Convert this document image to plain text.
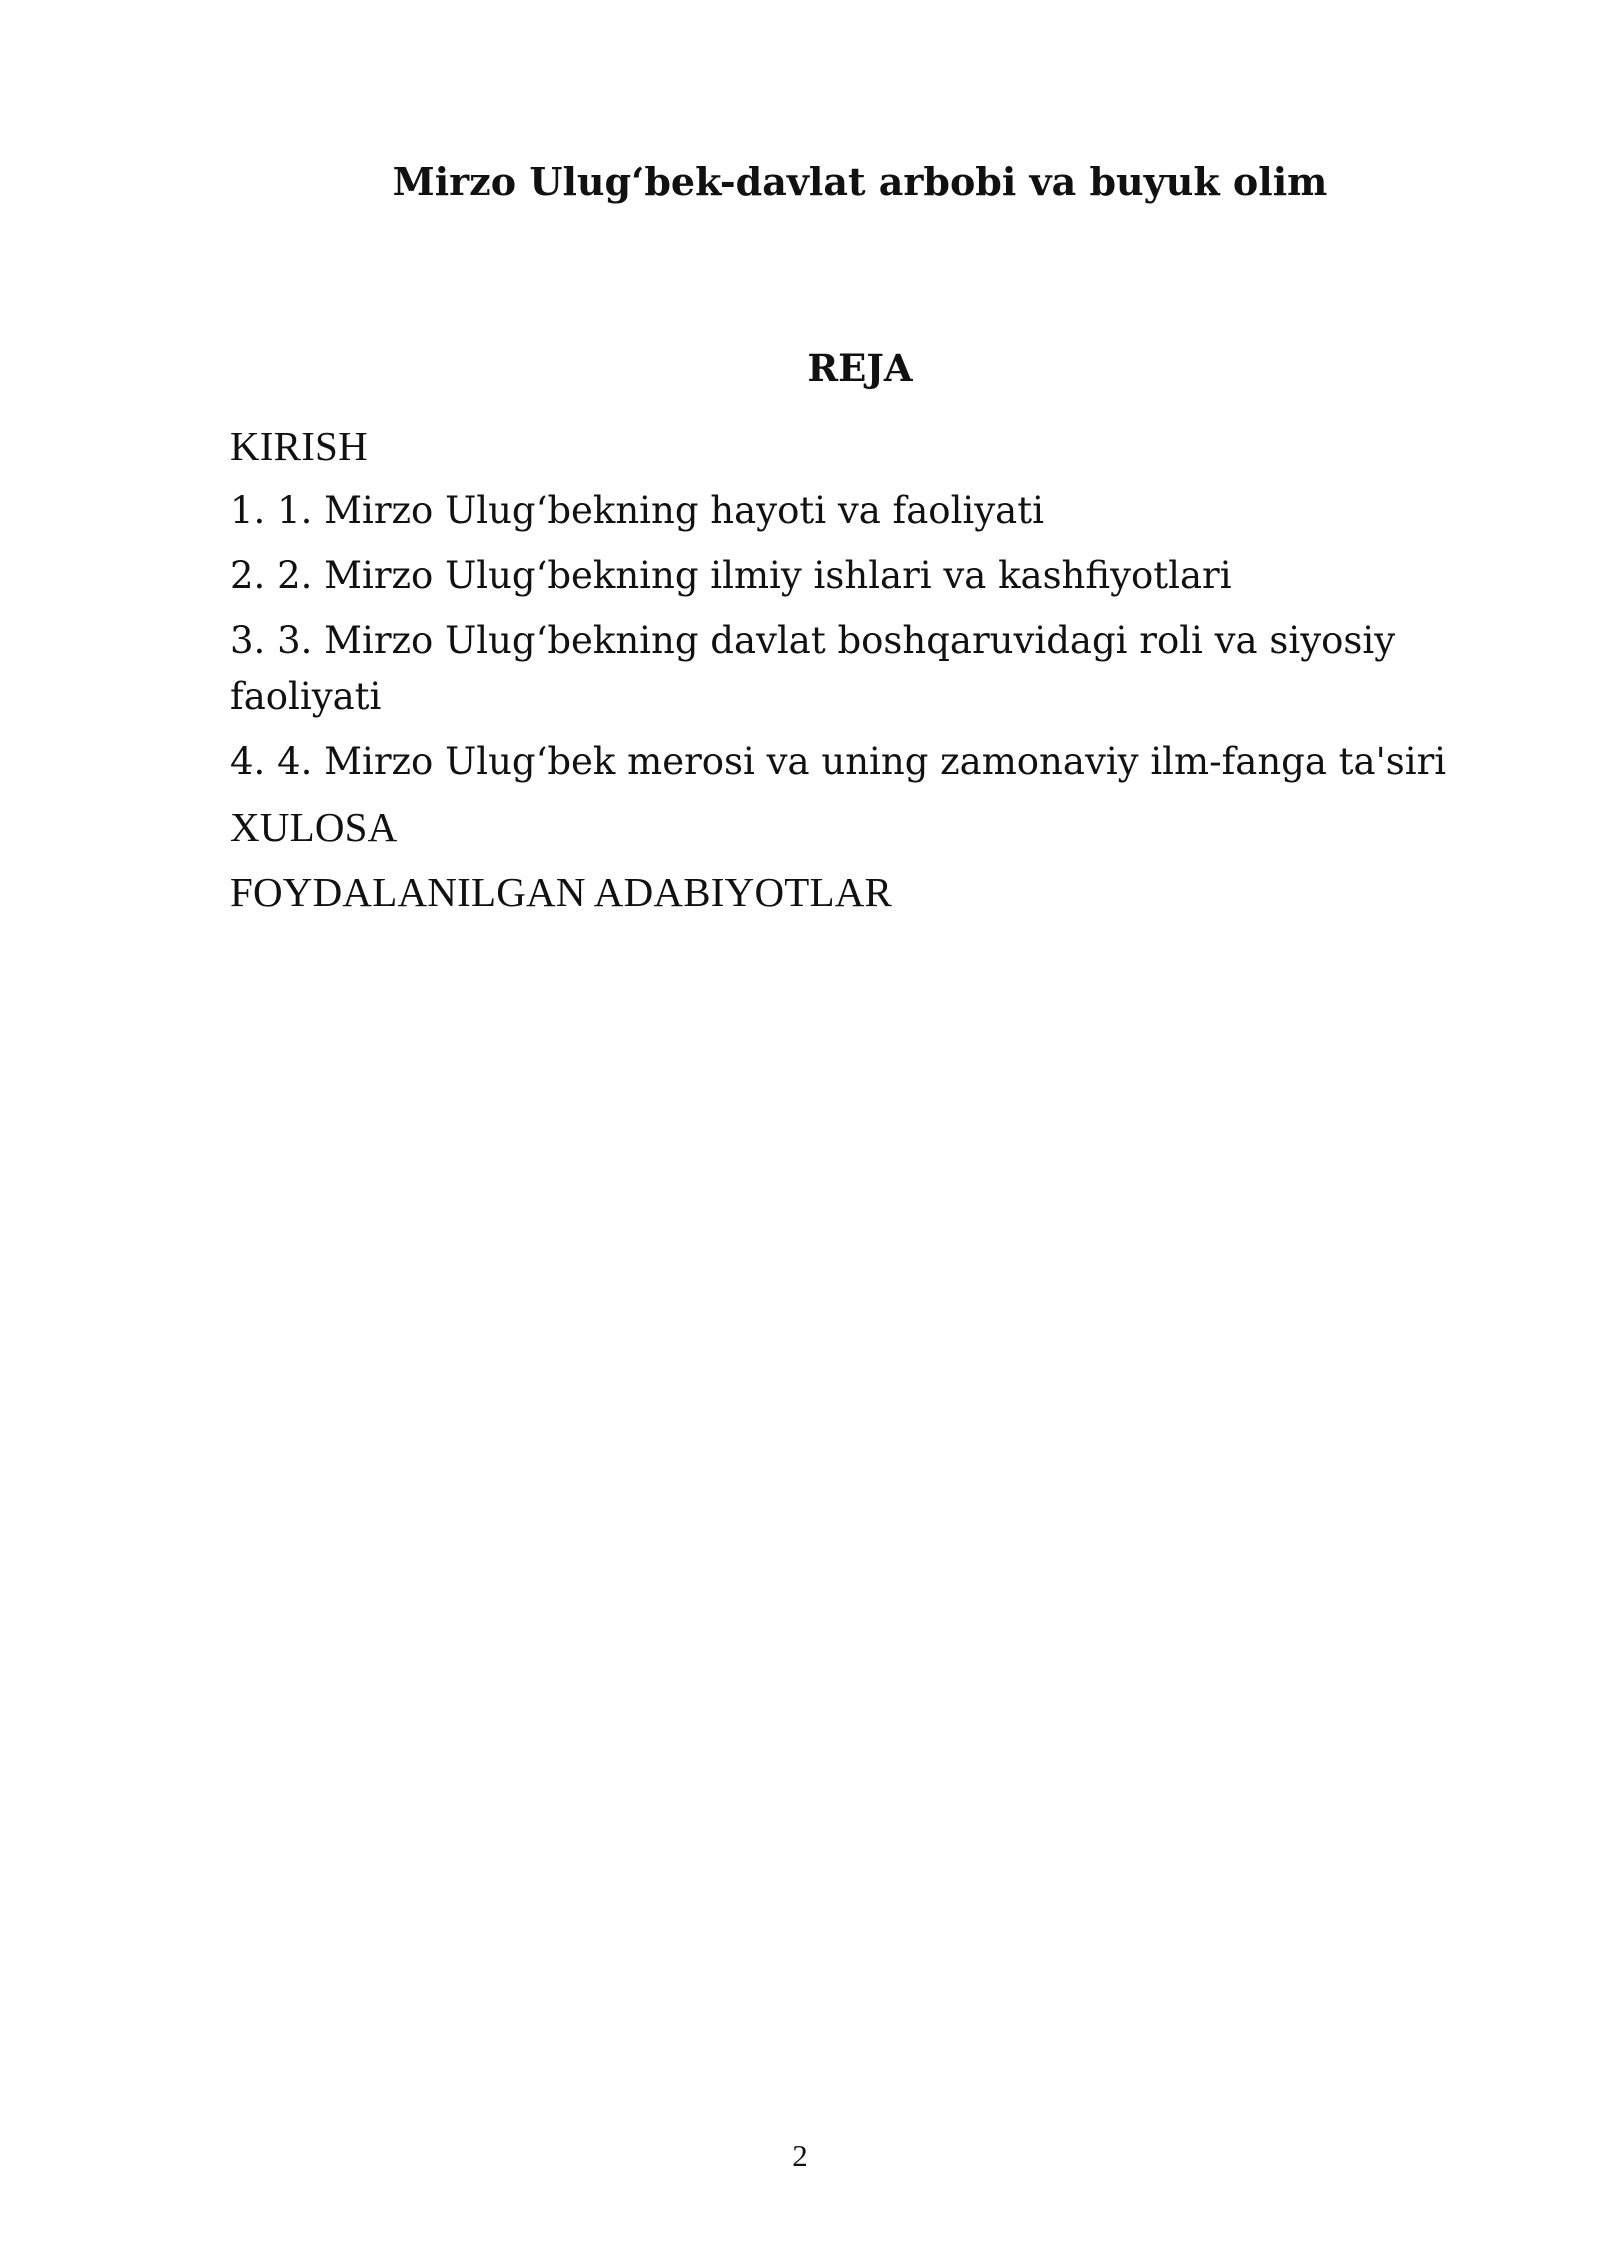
Mirzo Ulug‘bek-davlat arbobi va buyuk olim
REJA
KIRISH
1. 1. Mirzo Ulug‘bekning hayoti va faoliyati
2. 2. Mirzo Ulug‘bekning ilmiy ishlari va kashfiyotlari
3. 3. Mirzo Ulug‘bekning davlat boshqaruvidagi roli va siyosiy faoliyati
4. 4. Mirzo Ulug‘bek merosi va uning zamonaviy ilm-fanga ta'siri
XULOSA
FOYDALANILGAN ADABIYOTLAR
2
